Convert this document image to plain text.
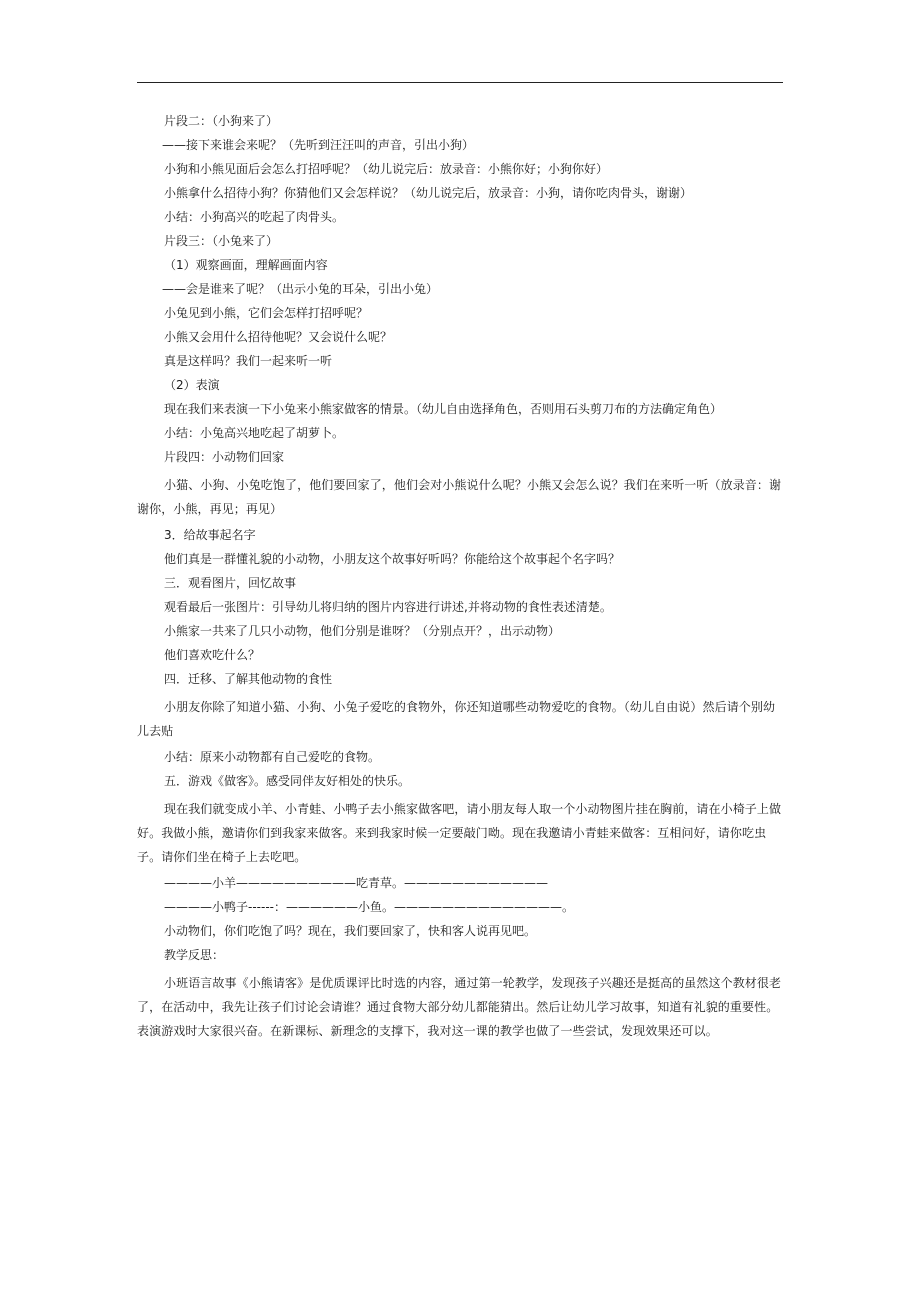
片段二：（小狗来了）
——接下来谁会来呢？（先听到汪汪叫的声音，引出小狗）
小狗和小熊见面后会怎么打招呼呢？（幼儿说完后：放录音：小熊你好；小狗你好）
小熊拿什么招待小狗？你猜他们又会怎样说？（幼儿说完后，放录音：小狗，请你吃肉骨头，谢谢）
小结：小狗高兴的吃起了肉骨头。
片段三：（小兔来了）
（1）观察画面，理解画面内容
——会是谁来了呢？（出示小兔的耳朵，引出小兔）
小兔见到小熊，它们会怎样打招呼呢？
小熊又会用什么招待他呢？又会说什么呢？
真是这样吗？我们一起来听一听
（2）表演
现在我们来表演一下小兔来小熊家做客的情景。（幼儿自由选择角色，否则用石头剪刀布的方法确定角色）
小结：小兔高兴地吃起了胡萝卜。
片段四：小动物们回家
小猫、小狗、小兔吃饱了，他们要回家了，他们会对小熊说什么呢？小熊又会怎么说？我们在来听一听（放录音：谢谢你，小熊，再见；再见）
3．给故事起名字
他们真是一群懂礼貌的小动物，小朋友这个故事好听吗？你能给这个故事起个名字吗？
三．观看图片，回忆故事
观看最后一张图片：引导幼儿将归纳的图片内容进行讲述,并将动物的食性表述清楚。
小熊家一共来了几只小动物，他们分别是谁呀？（分别点开？，出示动物）
他们喜欢吃什么？
四．迁移、了解其他动物的食性
小朋友你除了知道小猫、小狗、小兔子爱吃的食物外，你还知道哪些动物爱吃的食物。（幼儿自由说）然后请个别幼儿去贴
小结：原来小动物都有自己爱吃的食物。
五．游戏《做客》。感受同伴友好相处的快乐。
现在我们就变成小羊、小青蛙、小鸭子去小熊家做客吧，请小朋友每人取一个小动物图片挂在胸前，请在小椅子上做好。我做小熊，邀请你们到我家来做客。来到我家时候一定要敲门呦。现在我邀请小青蛙来做客：互相问好，请你吃虫子。请你们坐在椅子上去吃吧。
————小羊——————————吃青草。————————————
————小鸭子------：——————小鱼。——————————————。
小动物们，你们吃饱了吗？现在，我们要回家了，快和客人说再见吧。
教学反思：
小班语言故事《小熊请客》是优质课评比时选的内容，通过第一轮教学，发现孩子兴趣还是挺高的虽然这个教材很老了，在活动中，我先让孩子们讨论会请谁？通过食物大部分幼儿都能猜出。然后让幼儿学习故事，知道有礼貌的重要性。表演游戏时大家很兴奋。在新课标、新理念的支撑下，我对这一课的教学也做了一些尝试，发现效果还可以。
